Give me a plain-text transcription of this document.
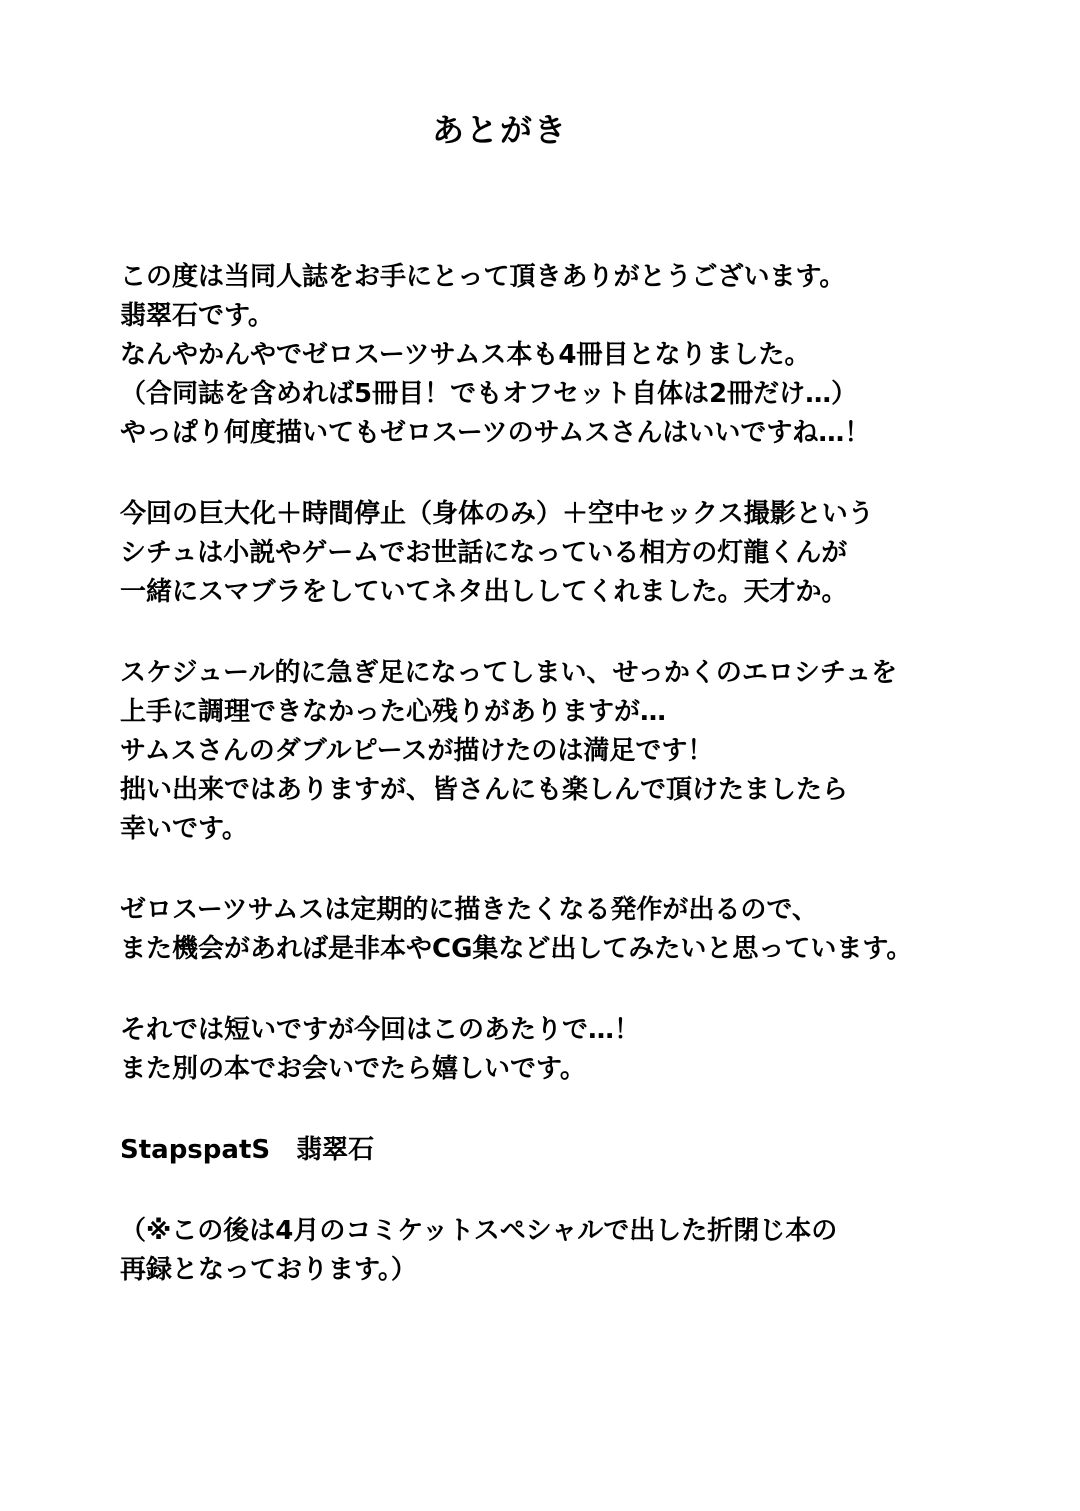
あとがき
この度は当同人誌をお手にとって頂きありがとうございます。
翡翠石です。
なんやかんやでゼロスーツサムス本も4冊目となりました。
（合同誌を含めれば5冊目！でもオフセット自体は2冊だけ…）
やっぱり何度描いてもゼロスーツのサムスさんはいいですね…！
今回の巨大化＋時間停止（身体のみ）＋空中セックス撮影という
シチュは小説やゲームでお世話になっている相方の灯龍くんが
一緒にスマブラをしていてネタ出ししてくれました。天才か。
スケジュール的に急ぎ足になってしまい、せっかくのエロシチュを
上手に調理できなかった心残りがありますが…
サムスさんのダブルピースが描けたのは満足です！
拙い出来ではありますが、皆さんにも楽しんで頂けたましたら
幸いです。
ゼロスーツサムスは定期的に描きたくなる発作が出るので、
また機会があれば是非本やCG集など出してみたいと思っています。
それでは短いですが今回はこのあたりで…！
また別の本でお会いでたら嬉しいです。
StapspatS　翡翠石
（※この後は4月のコミケットスペシャルで出した折閉じ本の
再録となっております。）
